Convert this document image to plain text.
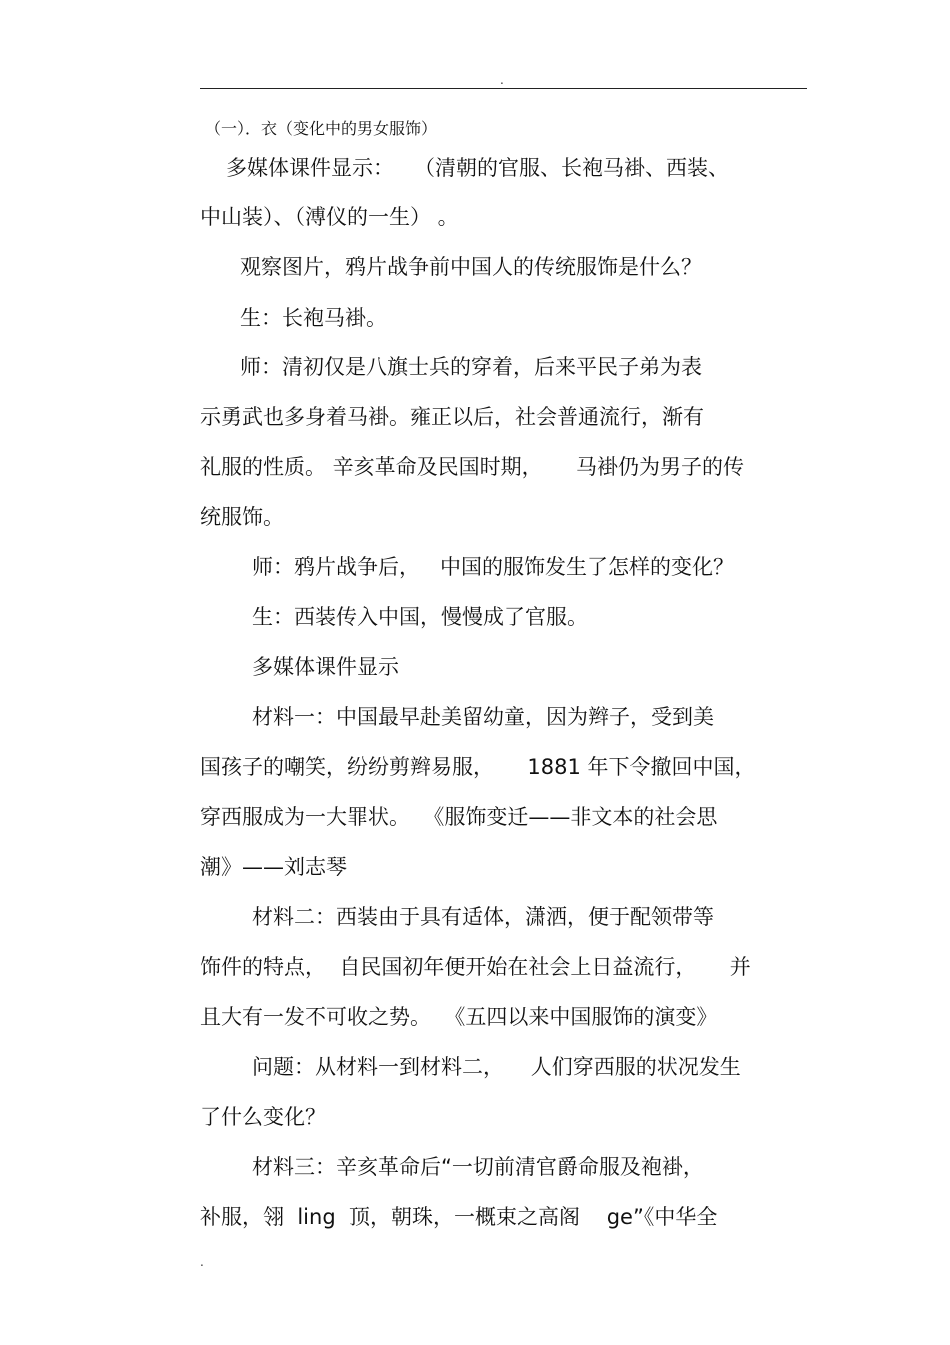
.
（一）．衣（变化中的男女服饰）
多媒体课件显示：   （清朝的官服、长袍马褂、西装、
中山装）、（溥仪的一生） 。
观察图片，鸦片战争前中国人的传统服饰是什么？
生：长袍马褂。
师：清初仅是八旗士兵的穿着，后来平民子弟为表
示勇武也多身着马褂。雍正以后，社会普通流行，渐有
礼服的性质。 辛亥革命及民国时期，     马褂仍为男子的传
统服饰。
师：鸦片战争后，   中国的服饰发生了怎样的变化？
生：西装传入中国，慢慢成了官服。
多媒体课件显示
材料一：中国最早赴美留幼童，因为辫子，受到美
国孩子的嘲笑，纷纷剪辫易服，     1881 年下令撤回中国，
穿西服成为一大罪状。  《服饰变迁——非文本的社会思
潮》——刘志琴
材料二：西装由于具有适体，潇洒，便于配领带等
饰件的特点，  自民国初年便开始在社会上日益流行，     并
且大有一发不可收之势。  《五四以来中国服饰的演变》
问题：从材料一到材料二，    人们穿西服的状况发生
了什么变化？
材料三：辛亥革命后“一切前清官爵命服及袍褂，
补服，翎  ling  顶，朝珠，一概束之高阁    ge”《中华全
.
